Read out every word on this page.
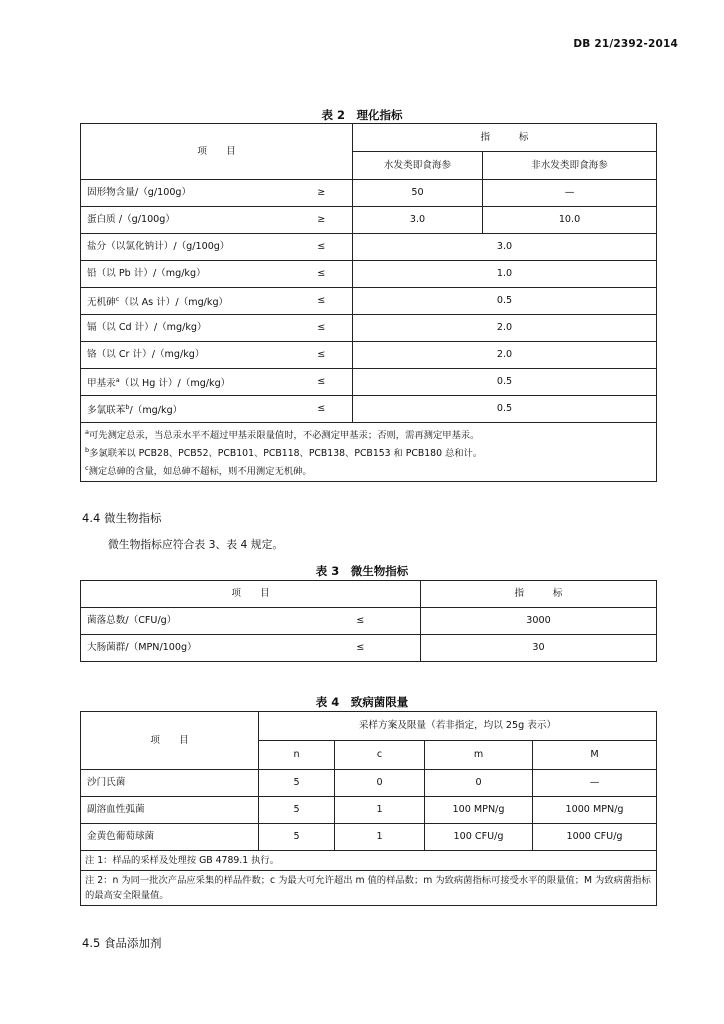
DB 21/2392-2014
表 2　理化指标
项　　目		指　　　标	
		水发类即食海参	非水发类即食海参
固形物含量/（g/100g）	≥	50	—
蛋白质 /（g/100g）	≥	3.0	10.0
盐分（以氯化钠计）/（g/100g）	≤	3.0	
铅（以 Pb 计）/（mg/kg）	≤	1.0	
无机砷$^c$（以 As 计）/（mg/kg）	≤	0.5	
镉（以 Cd 计）/（mg/kg）	≤	2.0	
铬（以 Cr 计）/（mg/kg）	≤	2.0	
甲基汞$^a$（以 Hg 计）/（mg/kg）	≤	0.5	
多氯联苯$^b$/（mg/kg）	≤	0.5	

$^a$可先测定总汞，当总汞水平不超过甲基汞限量值时，不必测定甲基汞；否则，需再测定甲基汞。
$^b$多氯联苯以 PCB28、PCB52、PCB101、PCB118、PCB138、PCB153 和 PCB180 总和计。
$^c$测定总砷的含量，如总砷不超标，则不用测定无机砷。			
4.4 微生物指标
微生物指标应符合表 3、表 4 规定。
表 3　微生物指标
项　　目		指　　　标
菌落总数/（CFU/g）	≤	3000
大肠菌群/（MPN/100g）	≤	30
表 4　致病菌限量
项　　目	采样方案及限量（若非指定，均以 25g 表示）			
	n	c	m	M
沙门氏菌	5	0	0	—
副溶血性弧菌	5	1	100 MPN/g	1000 MPN/g
金黄色葡萄球菌	5	1	100 CFU/g	1000 CFU/g
注 1：样品的采样及处理按 GB 4789.1 执行。				
注 2：n 为同一批次产品应采集的样品件数；c 为最大可允许超出 m 值的样品数；m 为致病菌指标可接受水平的限量值；M 为致病菌指标的最高安全限量值。				
4.5 食品添加剂
